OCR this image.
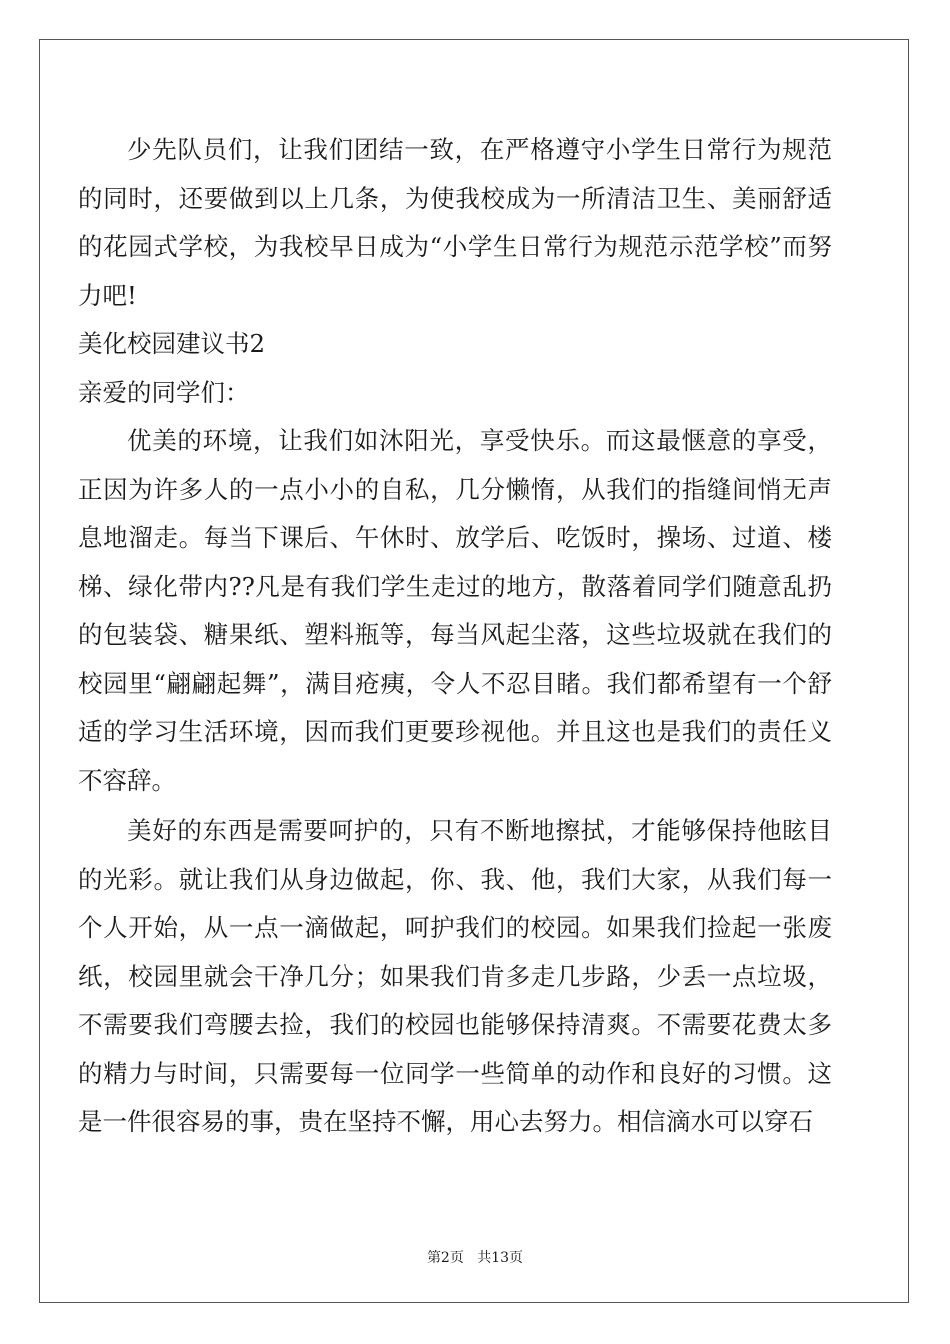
少先队员们，让我们团结一致，在严格遵守小学生日常行为规范的同时，还要做到以上几条，为使我校成为一所清洁卫生、美丽舒适的花园式学校，为我校早日成为“小学生日常行为规范示范学校”而努力吧!

美化校园建议书2

亲爱的同学们：

优美的环境，让我们如沐阳光，享受快乐。而这最惬意的享受，正因为许多人的一点小小的自私，几分懒惰，从我们的指缝间悄无声息地溜走。每当下课后、午休时、放学后、吃饭时，操场、过道、楼梯、绿化带内??凡是有我们学生走过的地方，散落着同学们随意乱扔的包装袋、糖果纸、塑料瓶等，每当风起尘落，这些垃圾就在我们的校园里“翩翩起舞”，满目疮痍，令人不忍目睹。我们都希望有一个舒适的学习生活环境，因而我们更要珍视他。并且这也是我们的责任义不容辞。

美好的东西是需要呵护的，只有不断地擦拭，才能够保持他眩目的光彩。就让我们从身边做起，你、我、他，我们大家，从我们每一个人开始，从一点一滴做起，呵护我们的校园。如果我们捡起一张废纸，校园里就会干净几分；如果我们肯多走几步路，少丢一点垃圾，不需要我们弯腰去捡，我们的校园也能够保持清爽。不需要花费太多的精力与时间，只需要每一位同学一些简单的动作和良好的习惯。这是一件很容易的事，贵在坚持不懈，用心去努力。相信滴水可以穿石

第2页 共13页
